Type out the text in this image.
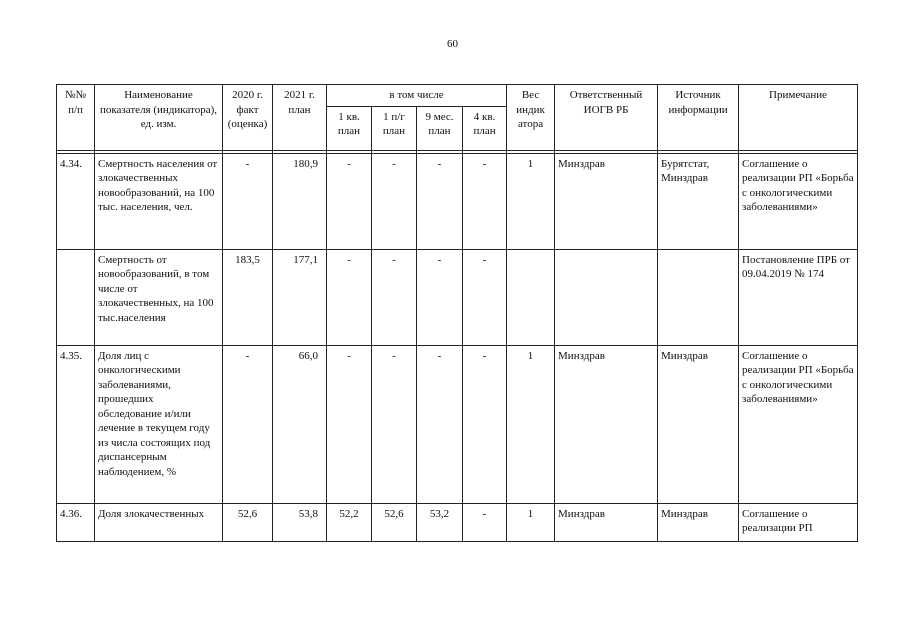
60
№№ п/п	Наименование показателя (индикатора), ед. изм.	2020 г. факт (оценка)	2021 г. план	в том числе				Вес индик атора	Ответственный ИОГВ РБ	Источник информации	Примечание
				1 кв. план	1 п/г план	9 мес. план	4 кв. план				

4.34.	Смертность населения от злокачественных новообразований, на 100 тыс. населения, чел.	-	180,9	-	-	-	-	1	Минздрав	Бурятстат, Минздрав	Соглашение о реализации РП «Борьба с онкологическими заболеваниями»
	Смертность от новообразований, в том числе от злокачественных, на 100 тыс.населения	183,5	177,1	-	-	-	-				Постановление ПРБ от 09.04.2019 № 174
4.35.	Доля лиц с онкологическими заболеваниями, прошедших обследование и/или лечение в текущем году из числа состоящих под диспансерным наблюдением, %	-	66,0	-	-	-	-	1	Минздрав	Минздрав	Соглашение о реализации РП «Борьба с онкологическими заболеваниями»
4.36.	Доля злокачественных	52,6	53,8	52,2	52,6	53,2	-	1	Минздрав	Минздрав	Соглашение о реализации РП
